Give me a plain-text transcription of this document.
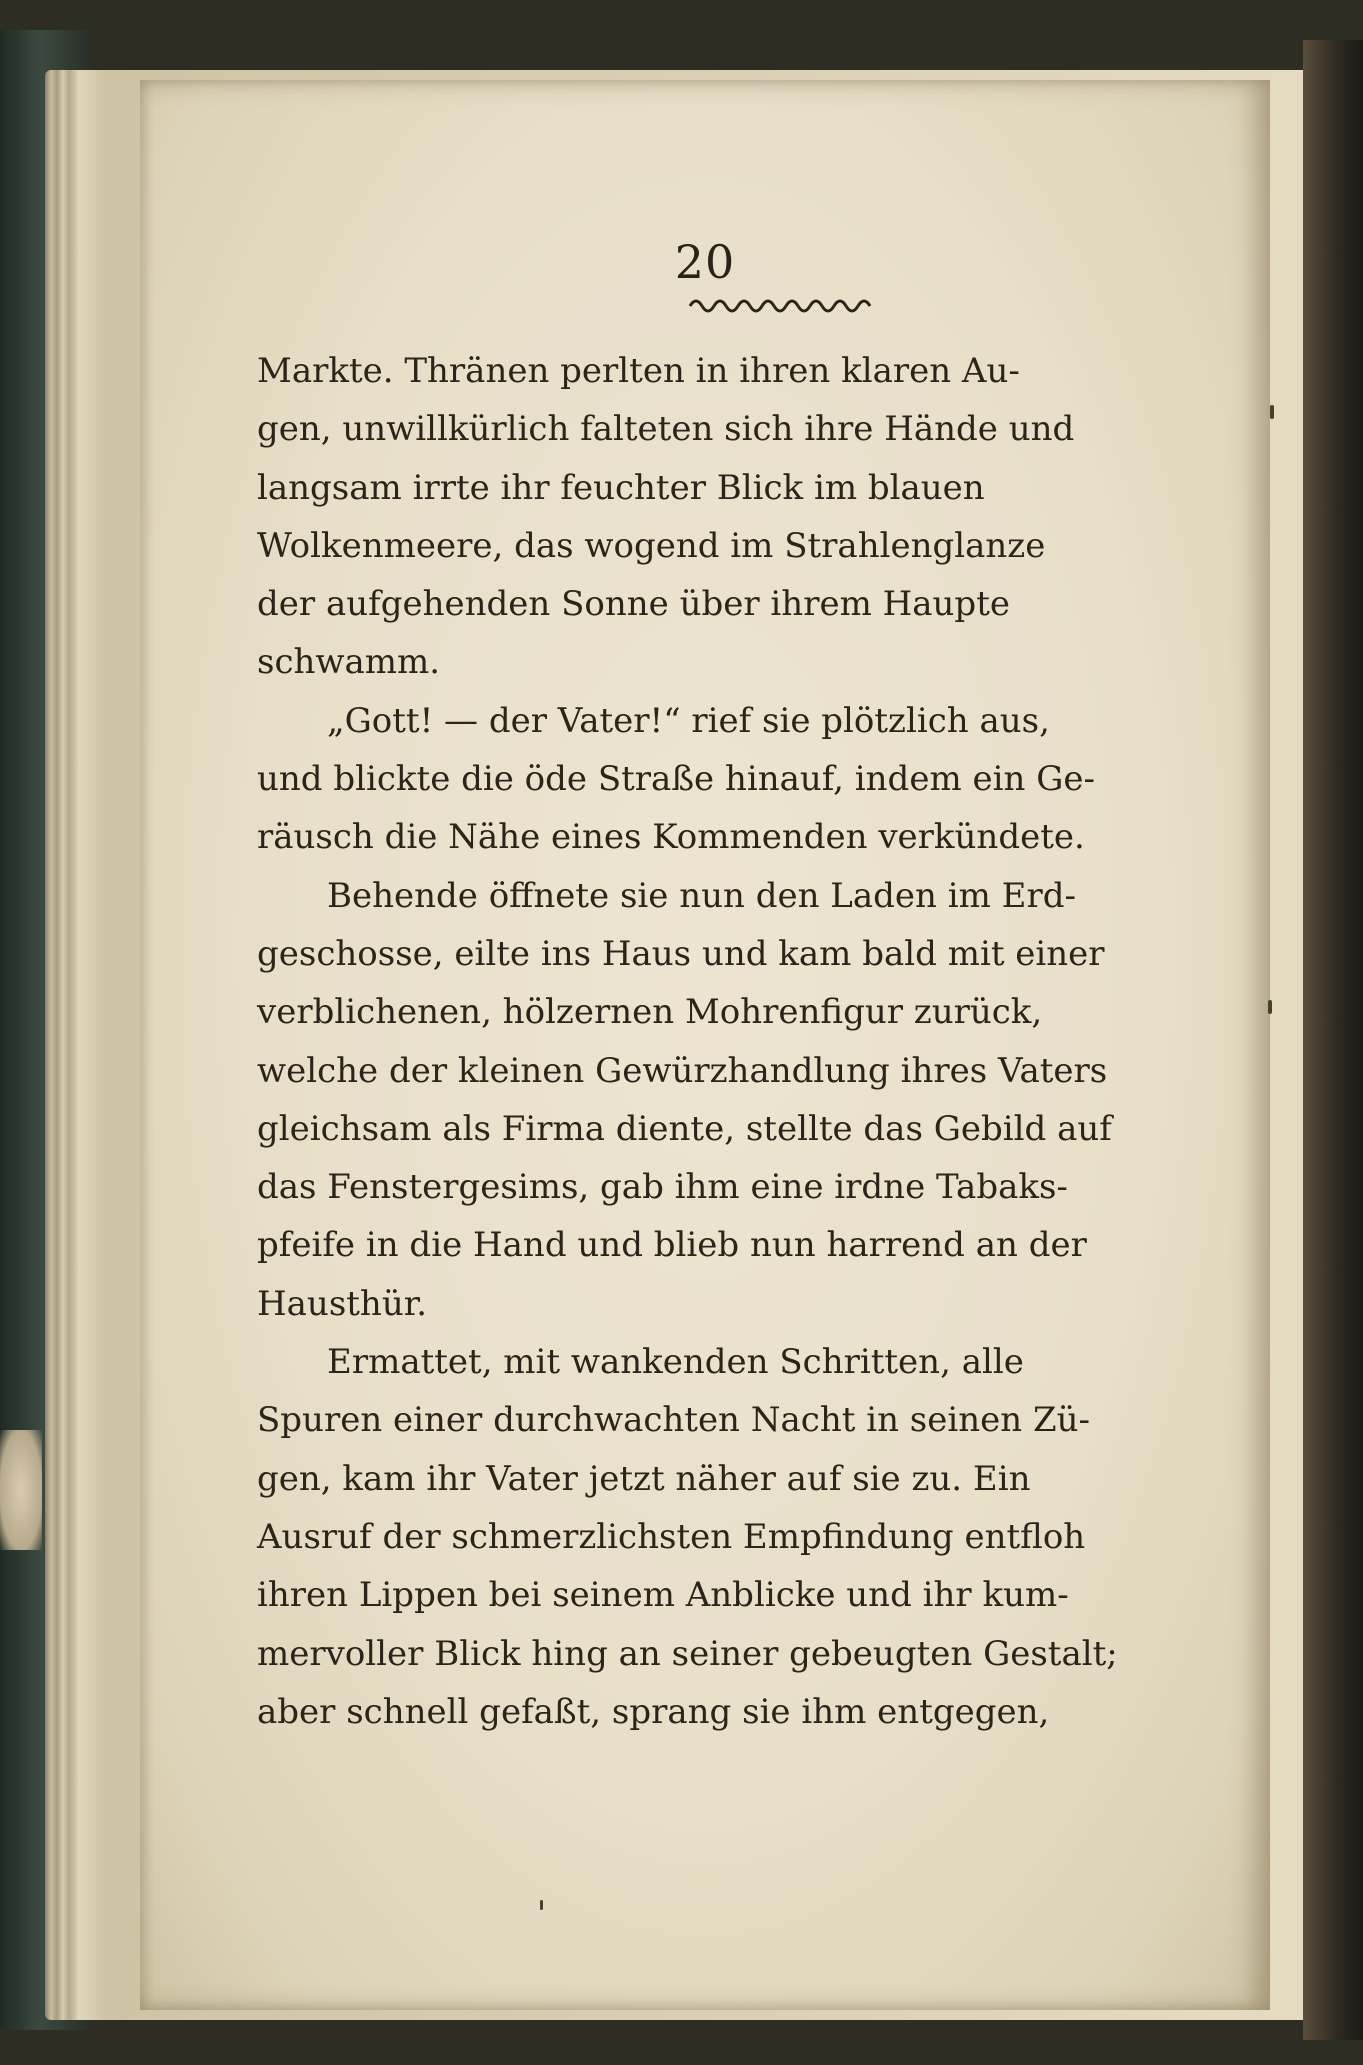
20

Markte. Thränen perlten in ihren klaren Au-
gen, unwillkürlich falteten sich ihre Hände und
langsam irrte ihr feuchter Blick im blauen
Wolkenmeere, das wogend im Strahlenglanze
der aufgehenden Sonne über ihrem Haupte
schwamm.

„Gott! — der Vater!“ rief sie plötzlich aus,
und blickte die öde Straße hinauf, indem ein Ge-
räusch die Nähe eines Kommenden verkündete.

Behende öffnete sie nun den Laden im Erd-
geschosse, eilte ins Haus und kam bald mit einer
verblichenen, hölzernen Mohrenfigur zurück,
welche der kleinen Gewürzhandlung ihres Vaters
gleichsam als Firma diente, stellte das Gebild auf
das Fenstergesims, gab ihm eine irdne Tabaks-
pfeife in die Hand und blieb nun harrend an der
Hausthür.

Ermattet, mit wankenden Schritten, alle
Spuren einer durchwachten Nacht in seinen Zü-
gen, kam ihr Vater jetzt näher auf sie zu. Ein
Ausruf der schmerzlichsten Empfindung entfloh
ihren Lippen bei seinem Anblicke und ihr kum-
mervoller Blick hing an seiner gebeugten Gestalt;
aber schnell gefaßt, sprang sie ihm entgegen,
